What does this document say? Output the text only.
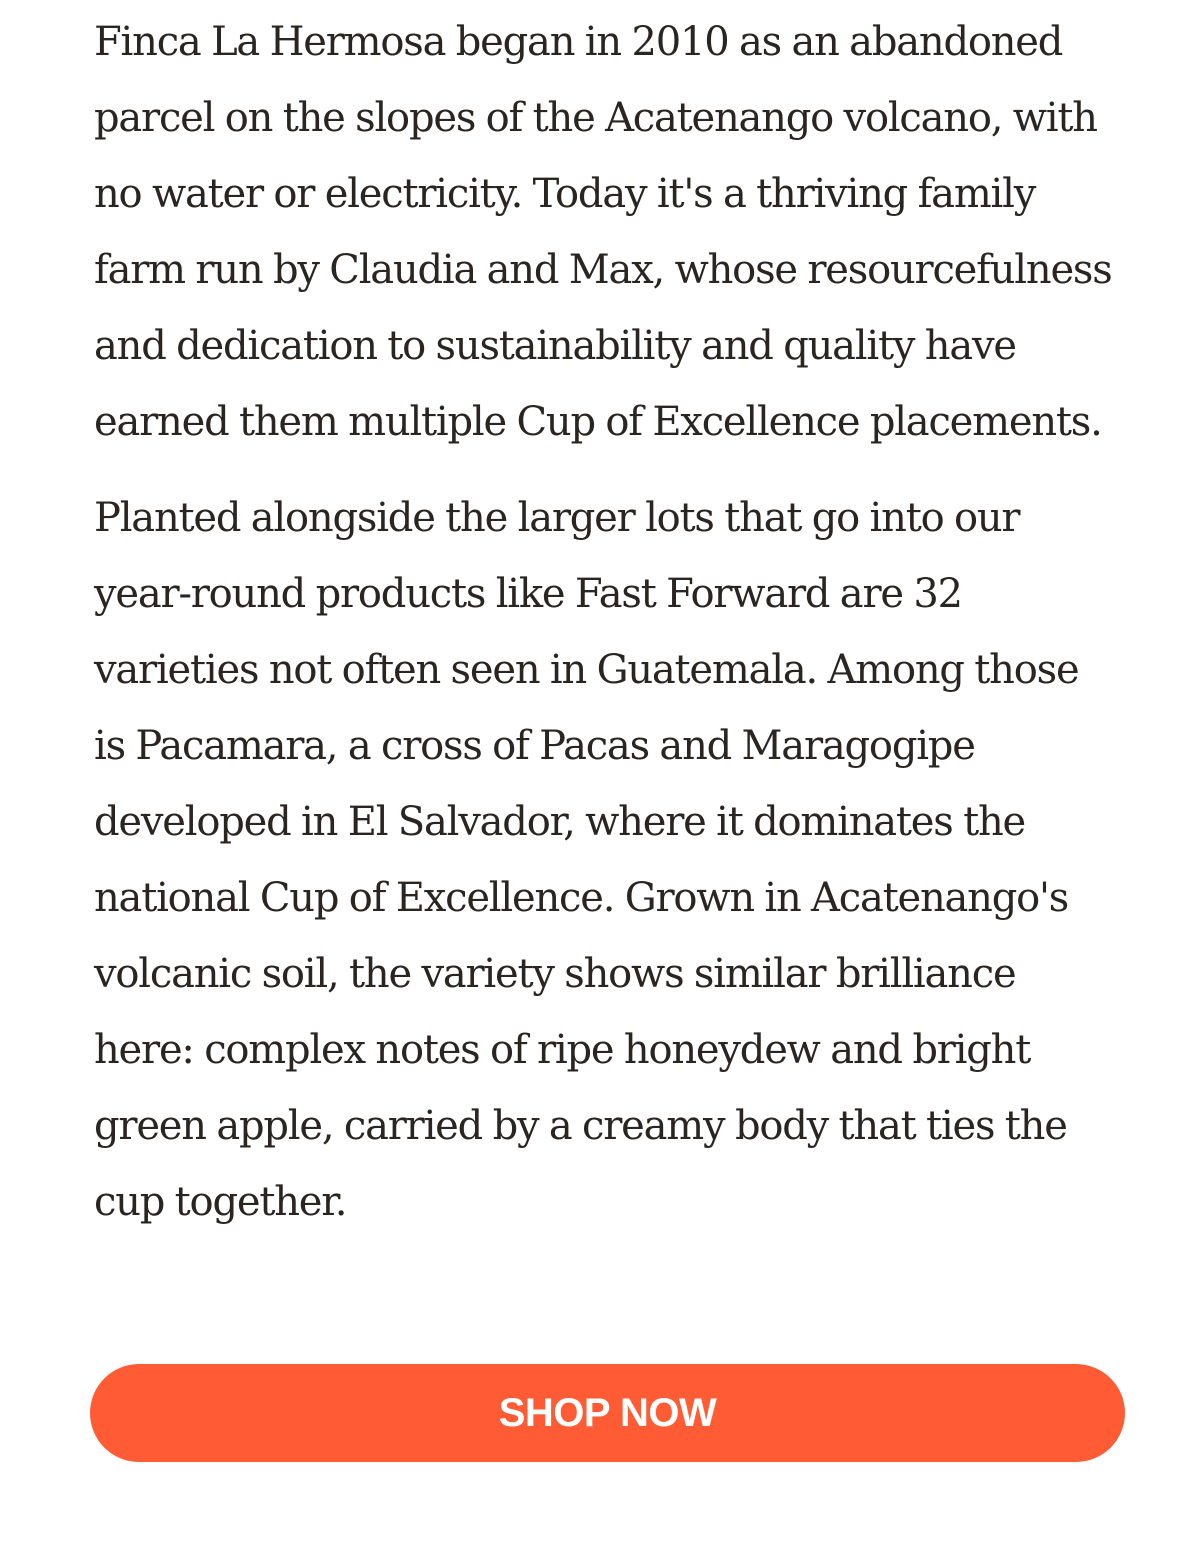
Finca La Hermosa began in 2010 as an abandoned parcel on the slopes of the Acatenango volcano, with no water or electricity. Today it's a thriving family farm run by Claudia and Max, whose resourcefulness and dedication to sustainability and quality have earned them multiple Cup of Excellence placements.

Planted alongside the larger lots that go into our year-round products like Fast Forward are 32 varieties not often seen in Guatemala. Among those is Pacamara, a cross of Pacas and Maragogipe developed in El Salvador, where it dominates the national Cup of Excellence. Grown in Acatenango's volcanic soil, the variety shows similar brilliance here: complex notes of ripe honeydew and bright green apple, carried by a creamy body that ties the cup together.

SHOP NOW
